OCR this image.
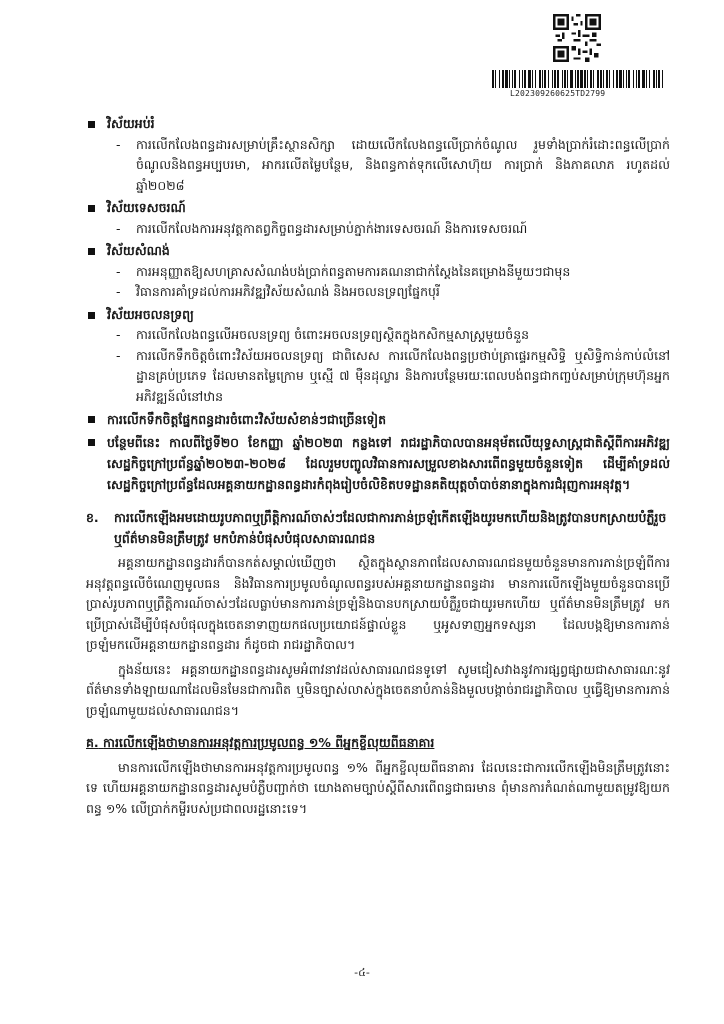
L202309260625TD2799
វិស័យអប់រំ
-	ការលើកលែងពន្ធដារសម្រាប់គ្រឹះស្ថានសិក្សា ដោយលើកលែងពន្ធលើប្រាក់ចំណូល រួមទាំងប្រាក់រំដោះពន្ធលើប្រាក់ចំណូលនិងពន្ធអប្បបរមា, អាករលើតម្លៃបន្ថែម, និងពន្ធកាត់ទុកលើសោហ៊ុយ ការប្រាក់ និងភាគលាភ រហូតដល់ឆ្នាំ២០២៨
វិស័យទេសចរណ៍
-	ការលើកលែងការអនុវត្តកាតព្វកិច្ចពន្ធដារសម្រាប់ភ្នាក់ងារទេសចរណ៍ និងការទេសចរណ៍
វិស័យសំណង់
-	ការអនុញ្ញាតឱ្យសហគ្រាសសំណង់បង់ប្រាក់ពន្ធតាមការគណនាជាក់ស្តែងនៃគម្រោងនីមួយៗជាមុន
-	វិធានការគាំទ្រដល់ការអភិវឌ្ឍវិស័យសំណង់ និងអចលនទ្រព្យផ្នែកបុរី
វិស័យអចលនទ្រព្យ
-	ការលើកលែងពន្ធលើអចលនទ្រព្យ ចំពោះអចលនទ្រព្យស្ថិតក្នុងកសិកម្មសាស្ត្រមួយចំនួន
-	ការលើកទឹកចិត្តចំពោះវិស័យអចលនទ្រព្យ ជាពិសេស ការលើកលែងពន្ធប្រថាប់ត្រាផ្ទេរកម្មសិទ្ធិ ឬសិទ្ធិកាន់កាប់លំនៅដ្ឋានគ្រប់ប្រភេទ ដែលមានតម្លៃក្រោម ឬស្មើ ៧ ម៉ឺនដុល្លារ និងការបន្ថែមរយៈពេលបង់ពន្ធជាកញ្ចប់សម្រាប់ក្រុមហ៊ុនអ្នកអភិវឌ្ឍន៍លំនៅឋាន
ការលើកទឹកចិត្តផ្នែកពន្ធដារចំពោះវិស័យសំខាន់ៗជាច្រើនទៀត
បន្ថែមពីនេះ កាលពីថ្ងៃទី២០ ខែកញ្ញា ឆ្នាំ២០២៣ កន្លងទៅ រាជរដ្ឋាភិបាលបានអនុម័តលើយុទ្ធសាស្ត្រជាតិស្តីពីការអភិវឌ្ឍសេដ្ឋកិច្ចក្រៅប្រព័ន្ធឆ្នាំ២០២៣-២០២៨ ដែលរួមបញ្ចូលវិធានការសម្រួលខាងសារពើពន្ធមួយចំនួនទៀត ដើម្បីគាំទ្រដល់សេដ្ឋកិច្ចក្រៅប្រព័ន្ធដែលអគ្គនាយកដ្ឋានពន្ធដារកំពុងរៀបចំលិខិតបទដ្ឋានគតិយុត្តចាំបាច់នានាក្នុងការជំរុញការអនុវត្ត។
ខ.	ការលើកឡើងអមដោយរូបភាពឬព្រឹត្តិការណ៍ចាស់ៗដែលជាការភាន់ច្រឡំកើតឡើងយូរមកហើយនិងត្រូវបានបកស្រាយបំភ្លឺរួច ឬព័ត៌មានមិនត្រឹមត្រូវ មកបំភាន់បំផុសបំផុលសាធារណជន

អគ្គនាយកដ្ឋានពន្ធដារក៏បានកត់សម្គាល់ឃើញថា ស្ថិតក្នុងស្ថានភាពដែលសាធារណជនមួយចំនួនមានការភាន់ច្រឡំពីការអនុវត្តពន្ធលើចំណេញមូលធន និងវិធានការប្រមូលចំណូលពន្ធរបស់អគ្គនាយកដ្ឋានពន្ធដារ មានការលើកឡើងមួយចំនួនបានប្រើប្រាស់រូបភាពឬព្រឹត្តិការណ៍ចាស់ៗដែលធ្លាប់មានការភាន់ច្រឡំនិងបានបកស្រាយបំភ្លឺរួចជាយូរមកហើយ ឬព័ត៌មានមិនត្រឹមត្រូវ មកប្រើប្រាស់ដើម្បីបំផុសបំផុលក្នុងចេតនាទាញយកផលប្រយោជន៍ផ្ទាល់ខ្លួន ឬអូសទាញអ្នកទស្សនា ដែលបង្កឱ្យមានការភាន់ច្រឡំមកលើអគ្គនាយកដ្ឋានពន្ធដារ ក៏ដូចជា រាជរដ្ឋាភិបាល។

ក្នុងន័យនេះ អគ្គនាយកដ្ឋានពន្ធដារសូមអំពាវនាវដល់សាធារណជនទូទៅ សូមជៀសវាងនូវការផ្សព្វផ្សាយជាសាធារណៈនូវព័ត៌មានទាំងឡាយណាដែលមិនមែនជាការពិត ឬមិនច្បាស់លាស់ក្នុងចេតនាបំភាន់និងមួលបង្កាច់រាជរដ្ឋាភិបាល ឬធ្វើឱ្យមានការភាន់ច្រឡំណាមួយដល់សាធារណជន។

គ. ការលើកឡើងថាមានការអនុវត្តការប្រមូលពន្ធ ១% ពីអ្នកខ្ចីលុយពីធនាគារ

មានការលើកឡើងថាមានការអនុវត្តការប្រមូលពន្ធ ១% ពីអ្នកខ្ចីលុយពីធនាគារ ដែលនេះជាការលើកឡើងមិនត្រឹមត្រូវនោះទេ ហើយអគ្គនាយកដ្ឋានពន្ធដារសូមបំភ្លឺបញ្ជាក់ថា យោងតាមច្បាប់ស្តីពីសារពើពន្ធជាធរមាន ពុំមានការកំណត់ណាមួយតម្រូវឱ្យយកពន្ធ ១% លើប្រាក់កម្ចីរបស់ប្រជាពលរដ្ឋនោះទេ។

-៤-
